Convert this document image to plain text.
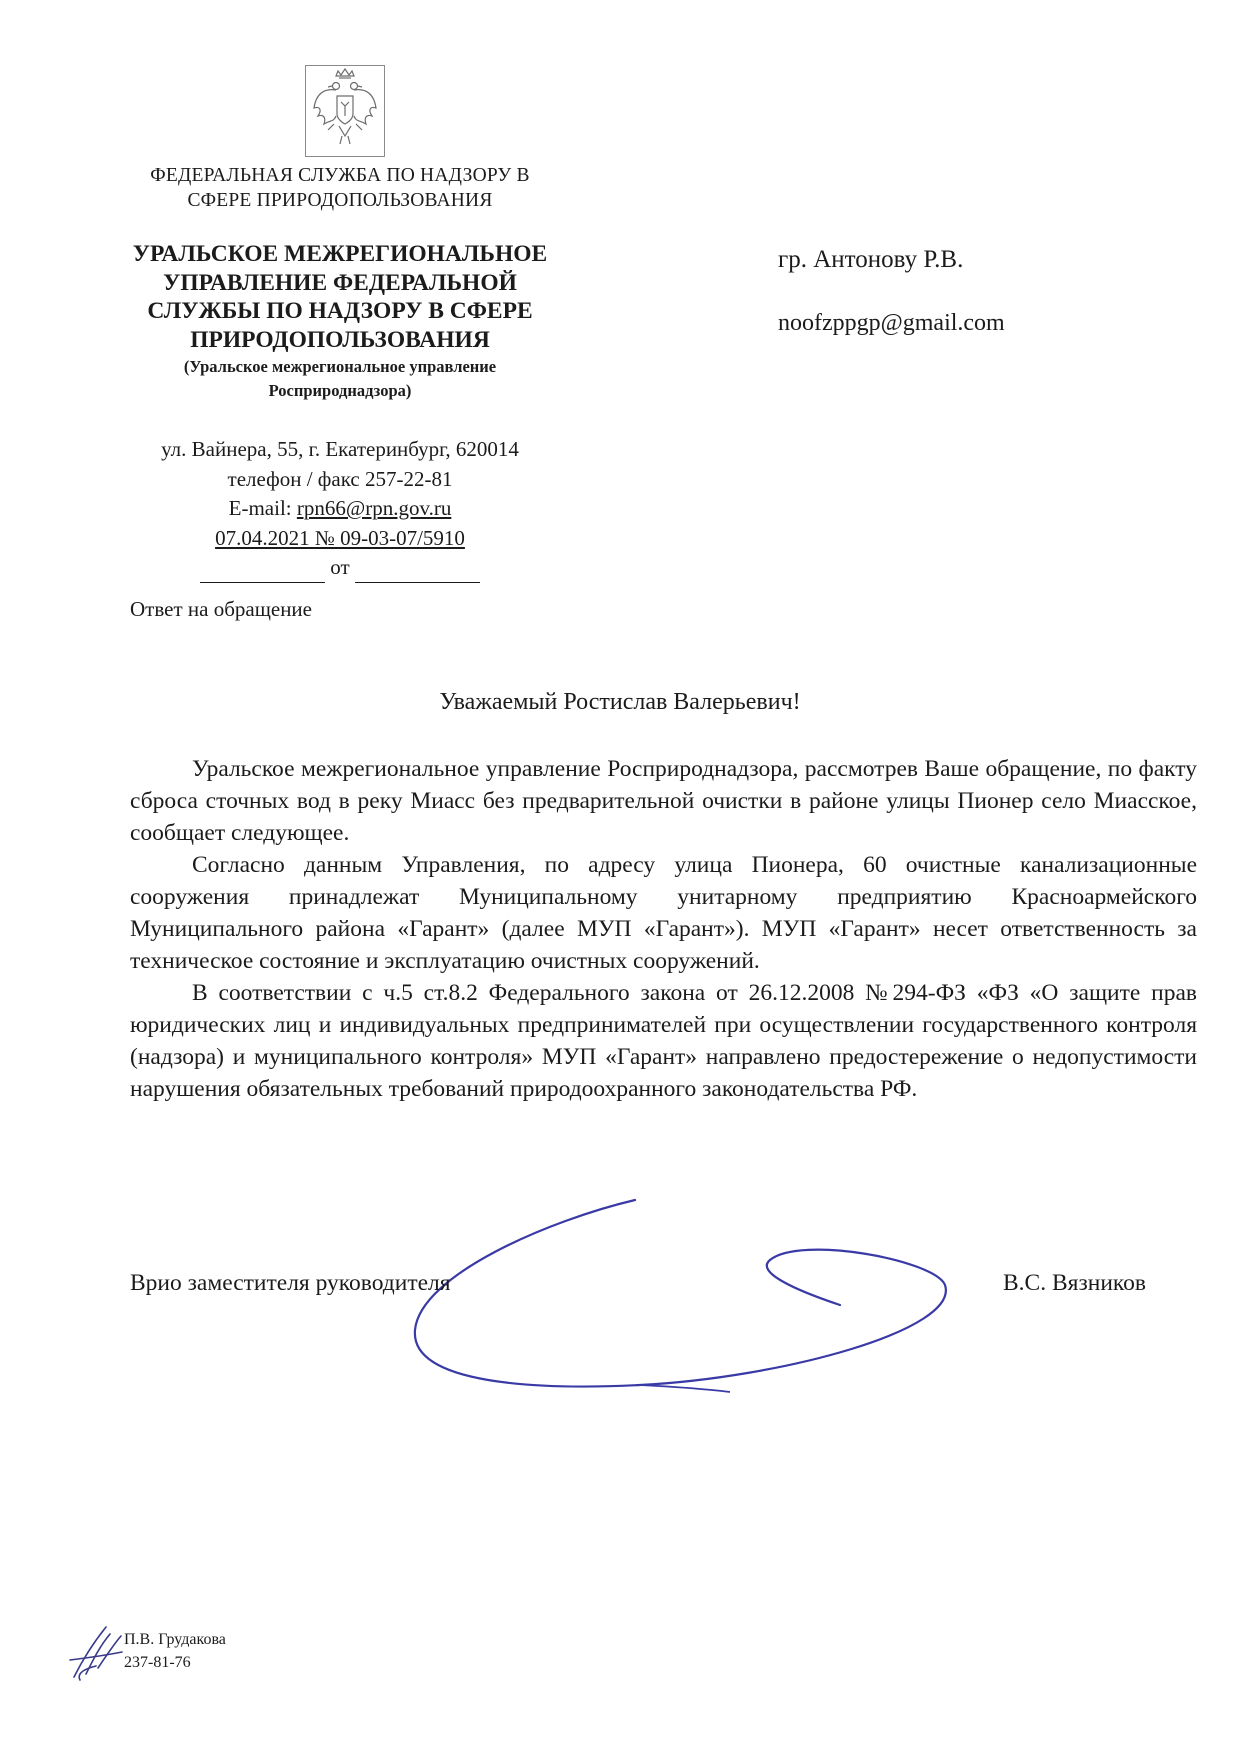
ФЕДЕРАЛЬНАЯ СЛУЖБА ПО НАДЗОРУ В
СФЕРЕ ПРИРОДОПОЛЬЗОВАНИЯ
УРАЛЬСКОЕ МЕЖРЕГИОНАЛЬНОЕ
УПРАВЛЕНИЕ ФЕДЕРАЛЬНОЙ
СЛУЖБЫ ПО НАДЗОРУ В СФЕРЕ
ПРИРОДОПОЛЬЗОВАНИЯ
(Уральское межрегиональное управление
Росприроднадзора)
ул. Вайнера, 55, г. Екатеринбург, 620014
телефон / факс 257-22-81
E-mail: rpn66@rpn.gov.ru
07.04.2021 № 09-03-07/5910
от
Ответ на обращение
гр. Антонову Р.В.
noofzppgp@gmail.com
Уважаемый Ростислав Валерьевич!

Уральское межрегиональное управление Росприроднадзора, рассмотрев Ваше обращение, по факту сброса сточных вод в реку Миасс без предварительной очистки в районе улицы Пионер село Миасское, сообщает следующее.

Согласно данным Управления, по адресу улица Пионера, 60 очистные канализационные сооружения принадлежат Муниципальному унитарному предприятию Красноармейского Муниципального района «Гарант» (далее МУП «Гарант»). МУП «Гарант» несет ответственность за техническое состояние и эксплуатацию очистных сооружений.

В соответствии с ч.5 ст.8.2 Федерального закона от 26.12.2008 №294-ФЗ «ФЗ «О защите прав юридических лиц и индивидуальных предпринимателей при осуществлении государственного контроля (надзора) и муниципального контроля» МУП «Гарант» направлено предостережение о недопустимости нарушения обязательных требований природоохранного законодательства РФ.

Врио заместителя руководителя	В.С. Вязников
П.В. Грудакова
237-81-76
